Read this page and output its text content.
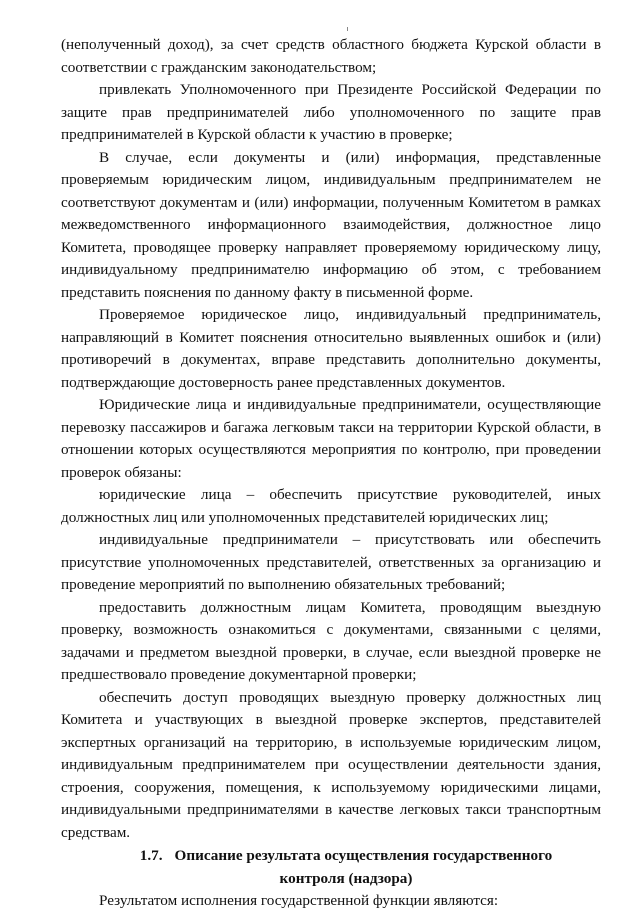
(неполученный доход), за счет средств областного бюджета Курской области в соответствии с гражданским законодательством;

привлекать Уполномоченного при Президенте Российской Федерации по защите прав предпринимателей либо уполномоченного по защите прав предпринимателей в Курской области к участию в проверке;

В случае, если документы и (или) информация, представленные проверяемым юридическим лицом, индивидуальным предпринимателем не соответствуют документам и (или) информации, полученным Комитетом в рамках межведомственного информационного взаимодействия, должностное лицо Комитета, проводящее проверку направляет проверяемому юридическому лицу, индивидуальному предпринимателю информацию об этом, с требованием представить пояснения по данному факту в письменной форме.

Проверяемое юридическое лицо, индивидуальный предприниматель, направляющий в Комитет пояснения относительно выявленных ошибок и (или) противоречий в документах, вправе представить дополнительно документы, подтверждающие достоверность ранее представленных документов.

Юридические лица и индивидуальные предприниматели, осуществляющие перевозку пассажиров и багажа легковым такси на территории Курской области, в отношении которых осуществляются мероприятия по контролю, при проведении проверок обязаны:

юридические лица – обеспечить присутствие руководителей, иных должностных лиц или уполномоченных представителей юридических лиц;

индивидуальные предприниматели – присутствовать или обеспечить присутствие уполномоченных представителей, ответственных за организацию и проведение мероприятий по выполнению обязательных требований;

предоставить должностным лицам Комитета, проводящим выездную проверку, возможность ознакомиться с документами, связанными с целями, задачами и предметом выездной проверки, в случае, если выездной проверке не предшествовало проведение документарной проверки;

обеспечить доступ проводящих выездную проверку должностных лиц Комитета и участвующих в выездной проверке экспертов, представителей экспертных организаций на территорию, в используемые юридическим лицом, индивидуальным предпринимателем при осуществлении деятельности здания, строения, сооружения, помещения, к используемому юридическими лицами, индивидуальными предпринимателями в качестве легковых такси транспортным средствам.

1.7. Описание результата осуществления государственного контроля (надзора)

Результатом исполнения государственной функции являются:
